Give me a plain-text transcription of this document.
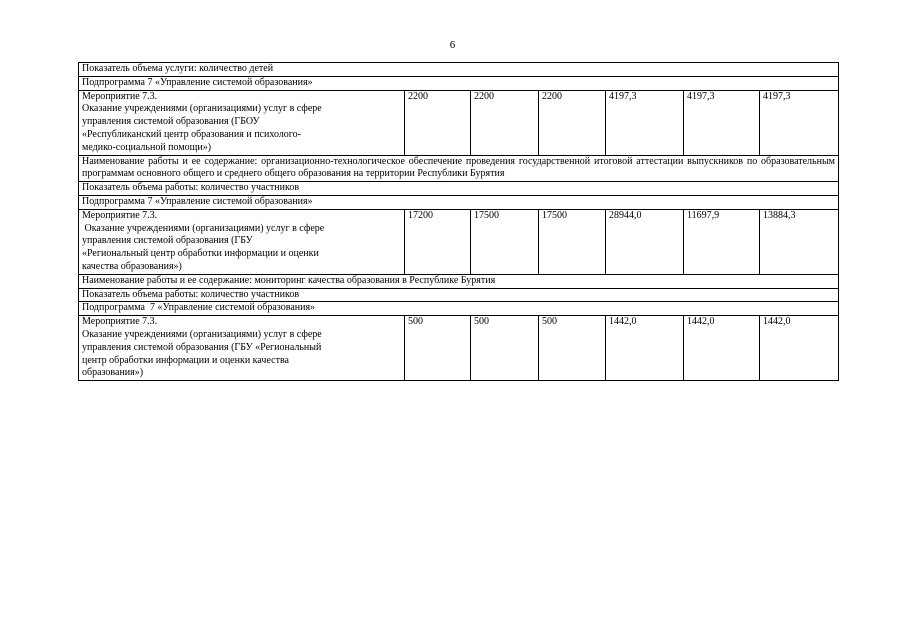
6
Показатель объема услуги: количество детей						
Подпрограмма 7 «Управление системой образования»						

Мероприятие 7.3.
Оказание учреждениями (организациями) услуг в сфере
управления системой образования (ГБОУ
«Республиканский центр образования и психолого-
медико-социальной помощи»)	2200	2200	2200	4197,3	4197,3	4197,3
Наименование работы и ее содержание: организационно-технологическое обеспечение проведения государственной итоговой аттестации выпускников по образовательным программам основного общего и среднего общего образования на территории Республики Бурятия						
Показатель объема работы: количество участников						
Подпрограмма 7 «Управление системой образования»						

Мероприятие 7.3.
Оказание учреждениями (организациями) услуг в сфере
управления системой образования (ГБУ
«Региональный центр обработки информации и оценки
качества образования»)	17200	17500	17500	28944,0	11697,9	13884,3
Наименование работы и ее содержание: мониторинг качества образования в Республике Бурятия						
Показатель объема работы: количество участников						
Подпрограмма  7 «Управление системой образования»						

Мероприятие 7.3.
Оказание учреждениями (организациями) услуг в сфере
управления системой образования (ГБУ «Региональный
центр обработки информации и оценки качества
образования»)	500	500	500	1442,0	1442,0	1442,0
